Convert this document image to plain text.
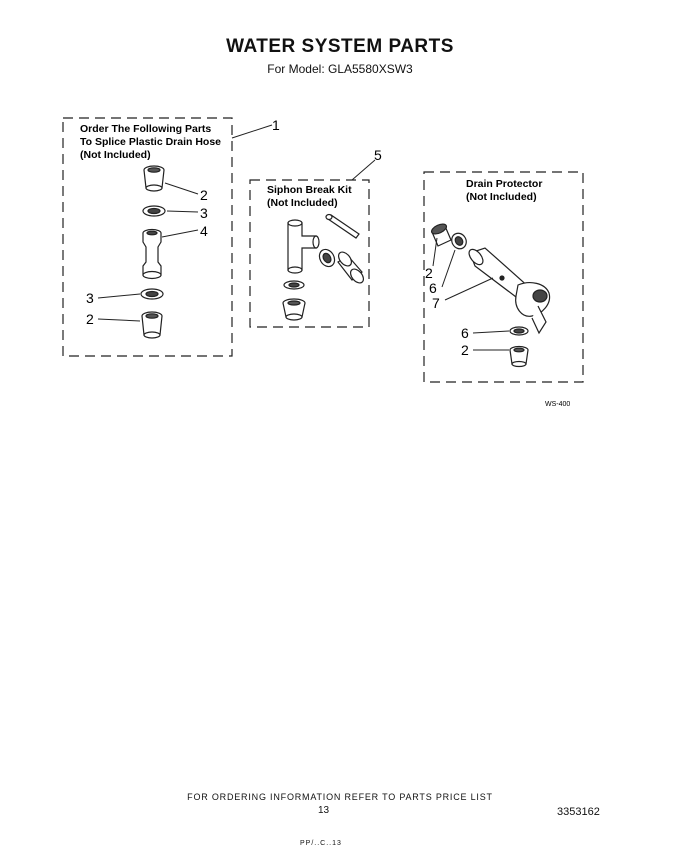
WATER SYSTEM PARTS
For Model: GLA5580XSW3
Order The Following Parts
To Splice Plastic Drain Hose
(Not Included)
1
2
3
4
3
2
Siphon Break Kit
(Not Included)
5
Drain Protector
(Not Included)
2
6
7
6
2
WS-400
FOR ORDERING INFORMATION REFER TO PARTS PRICE LIST
13	3353162
PP/..C..13
